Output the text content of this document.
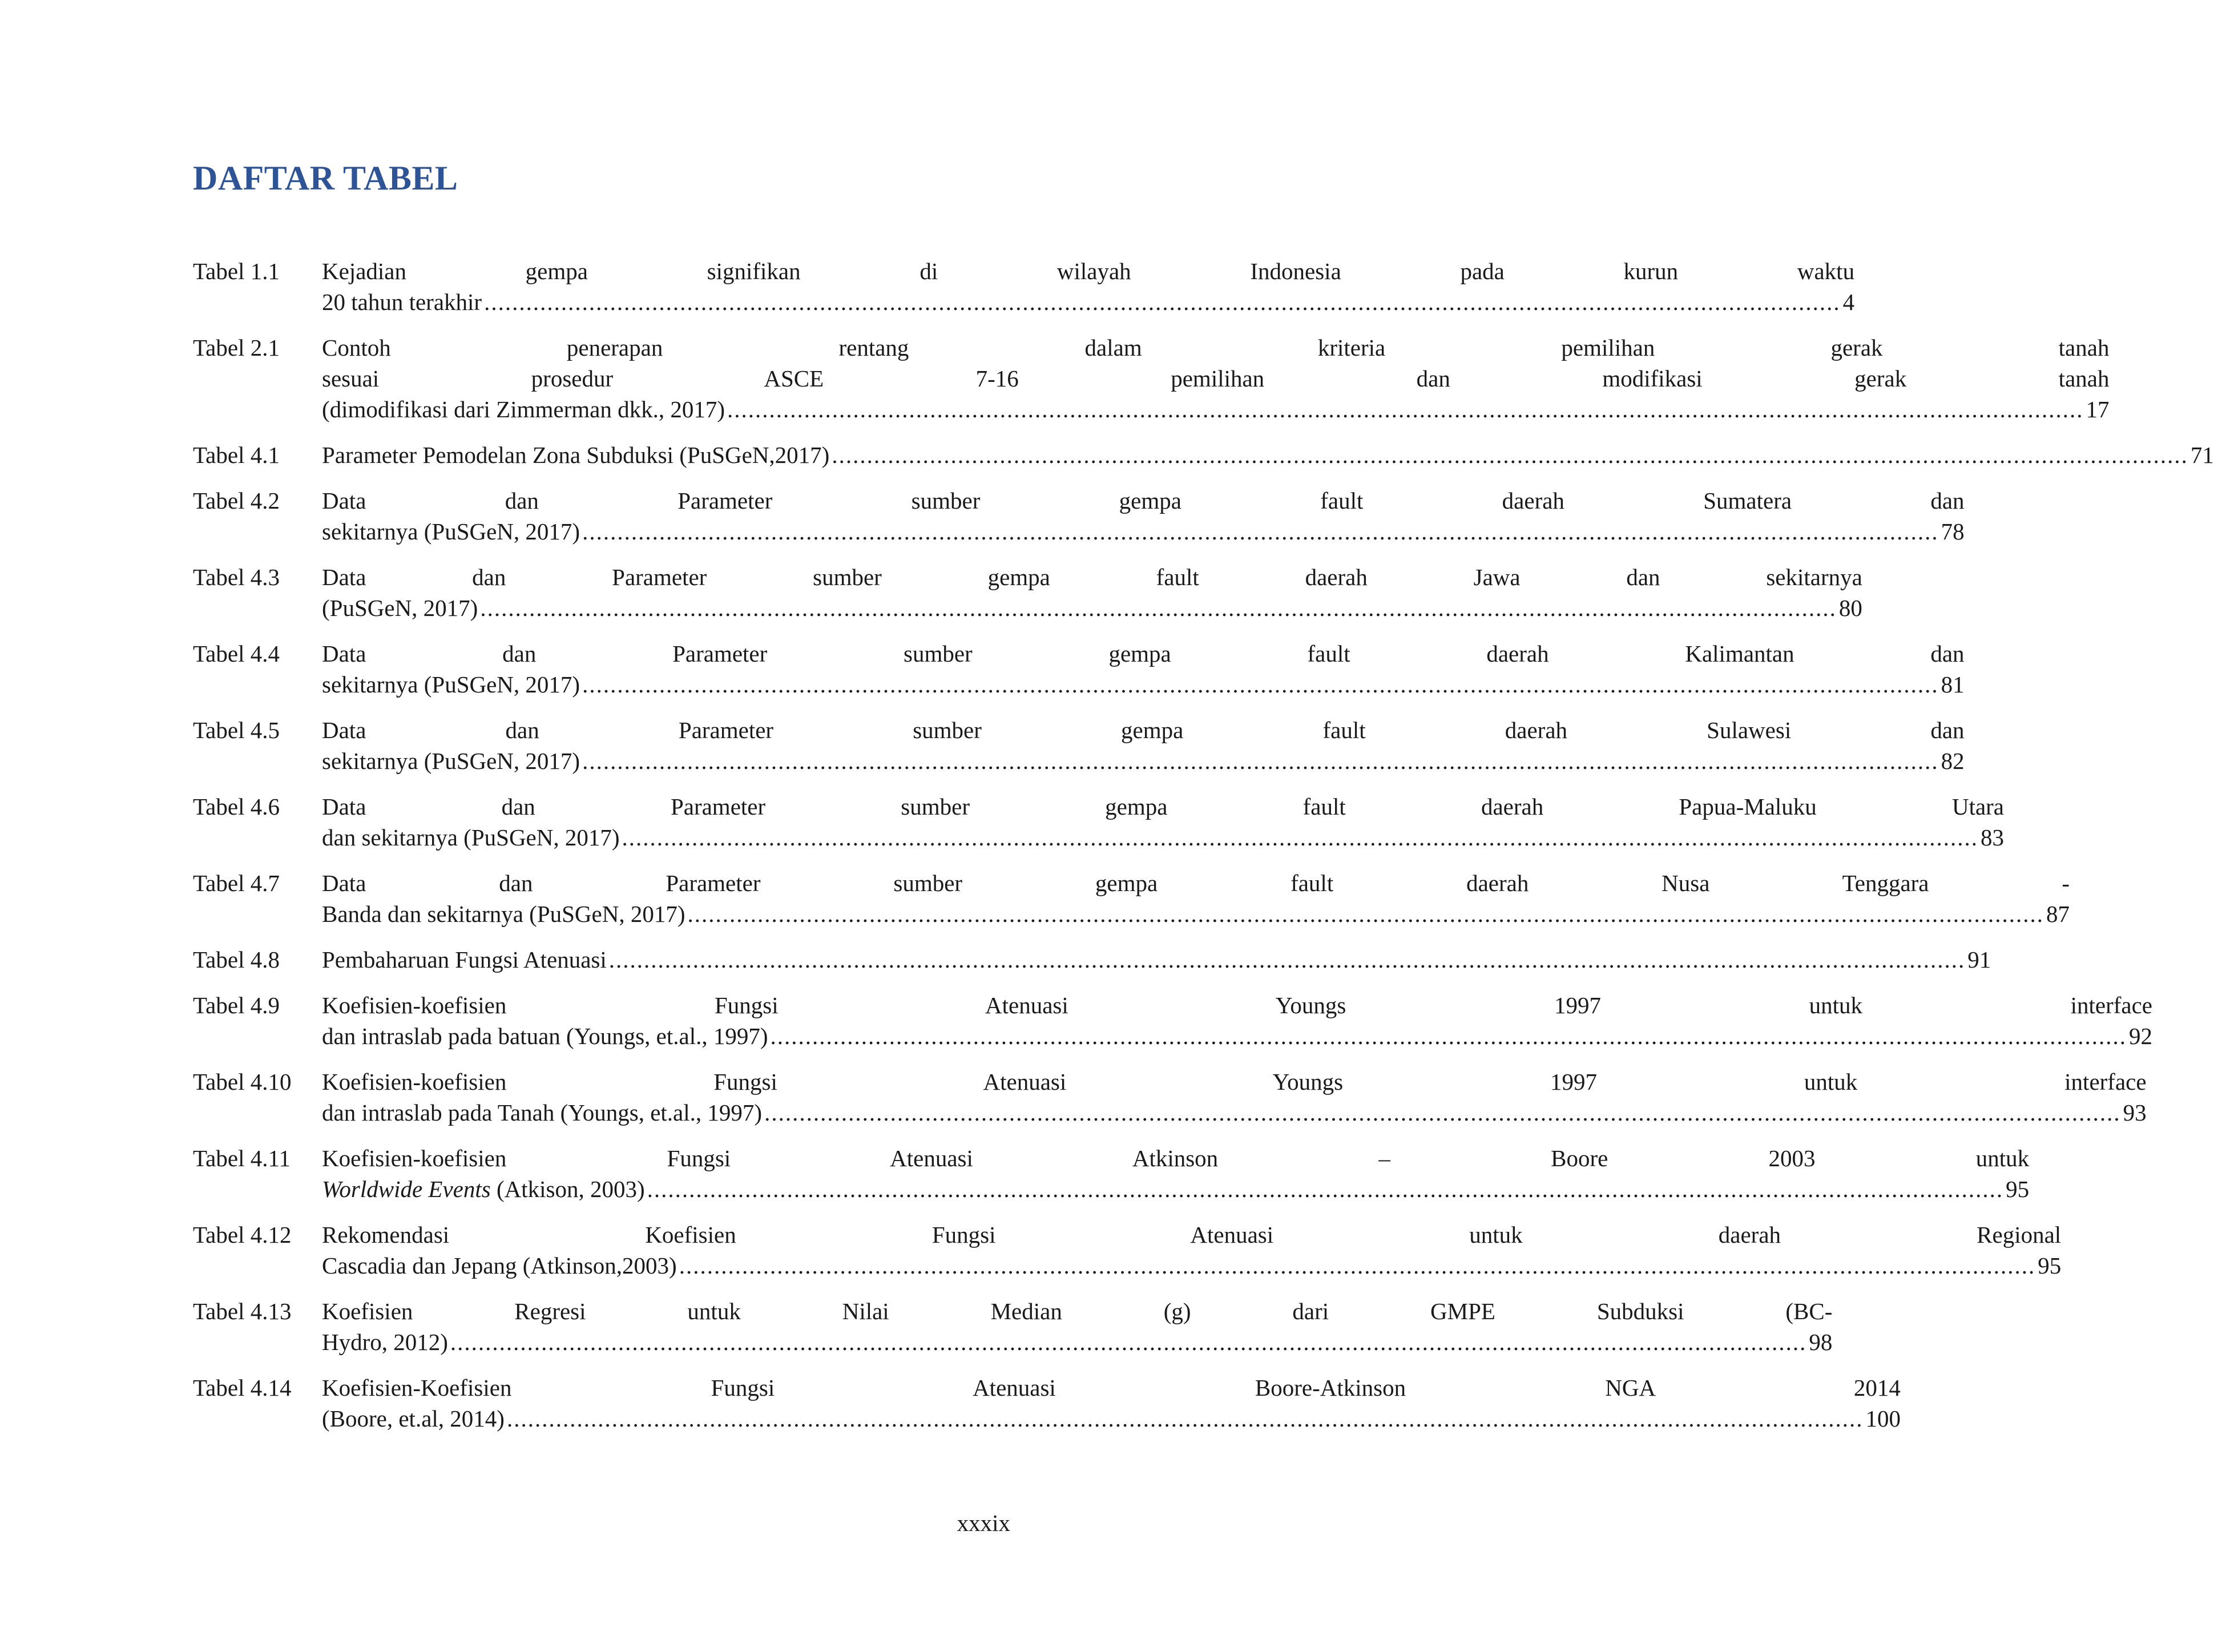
DAFTAR TABEL
Tabel 1.1	Kejadian gempa signifikan di wilayah Indonesia pada kurun waktu
20 tahun terakhir .....	4
Tabel 2.1	Contoh penerapan rentang dalam kriteria pemilihan gerak tanah
sesuai prosedur ASCE 7-16 pemilihan dan modifikasi gerak tanah
(dimodifikasi dari Zimmerman dkk., 2017) .....	17
Tabel 4.1	Parameter Pemodelan Zona Subduksi (PuSGeN,2017) .....	71
Tabel 4.2	Data dan Parameter sumber gempa fault daerah Sumatera dan
sekitarnya (PuSGeN, 2017) .....	78
Tabel 4.3	Data dan Parameter sumber gempa fault daerah Jawa dan sekitarnya
(PuSGeN, 2017) .....	80
Tabel 4.4	Data dan Parameter sumber gempa fault daerah Kalimantan dan
sekitarnya (PuSGeN, 2017) .....	81
Tabel 4.5	Data dan Parameter sumber gempa fault daerah Sulawesi dan
sekitarnya (PuSGeN, 2017) .....	82
Tabel 4.6	Data dan Parameter sumber gempa fault daerah Papua-Maluku Utara
dan sekitarnya (PuSGeN, 2017) .....	83
Tabel 4.7	Data dan Parameter sumber gempa fault daerah Nusa Tenggara -
Banda dan sekitarnya (PuSGeN, 2017) .....	87
Tabel 4.8	Pembaharuan Fungsi Atenuasi .....	91
Tabel 4.9	Koefisien-koefisien Fungsi Atenuasi Youngs 1997 untuk interface
dan intraslab pada batuan (Youngs, et.al., 1997) .....	92
Tabel 4.10	Koefisien-koefisien Fungsi Atenuasi Youngs 1997 untuk interface
dan intraslab pada Tanah (Youngs, et.al., 1997) .....	93
Tabel 4.11	Koefisien-koefisien Fungsi Atenuasi Atkinson – Boore 2003 untuk
Worldwide Events (Atkison, 2003) .....	95
Tabel 4.12	Rekomendasi Koefisien Fungsi Atenuasi untuk daerah Regional
Cascadia dan Jepang (Atkinson,2003) .....	95
Tabel 4.13	Koefisien Regresi untuk Nilai Median (g) dari GMPE Subduksi (BC-
Hydro, 2012) .....	98
Tabel 4.14	Koefisien-Koefisien Fungsi Atenuasi Boore-Atkinson NGA 2014
(Boore, et.al, 2014) .....	100
xxxix
